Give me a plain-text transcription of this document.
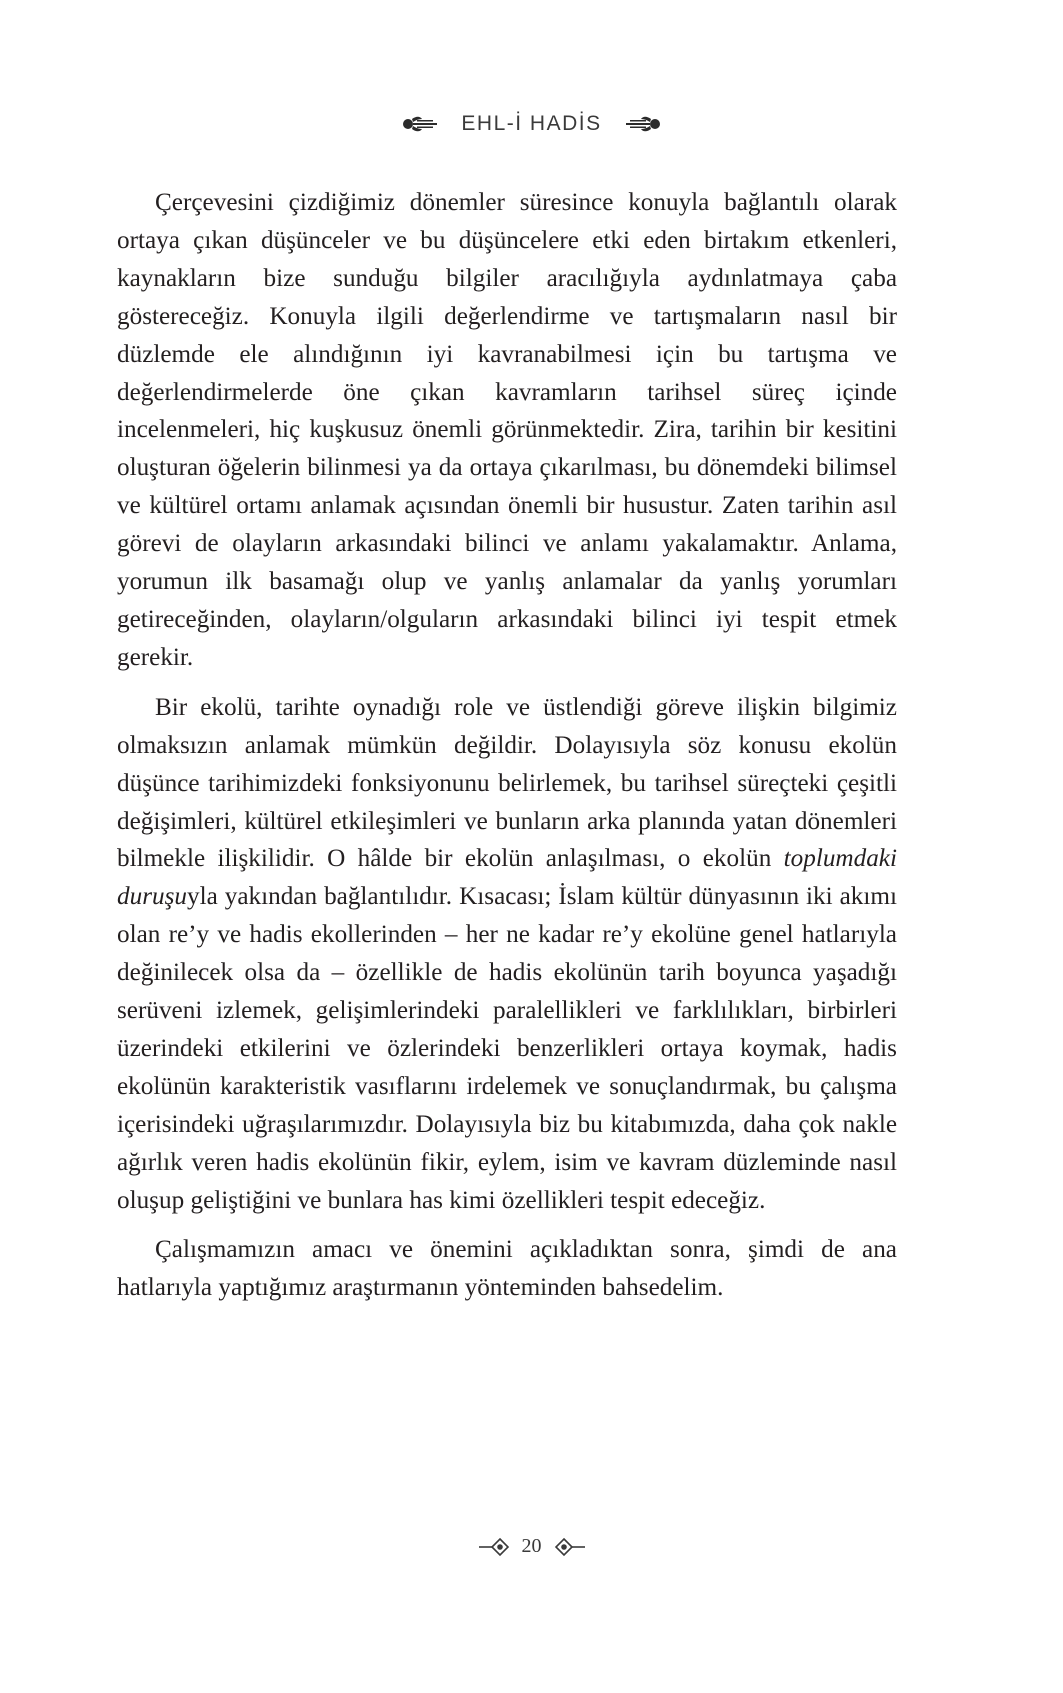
EHL-İ HADİS

Çerçevesini çizdiğimiz dönemler süresince konuyla bağlantılı olarak ortaya çıkan düşünceler ve bu düşüncelere etki eden birtakım etkenleri, kaynakların bize sunduğu bilgiler aracılığıyla aydınlatmaya çaba göstereceğiz. Konuyla ilgili değerlendirme ve tartışmaların nasıl bir düzlemde ele alındığının iyi kavranabilmesi için bu tartışma ve değerlendirmelerde öne çıkan kavramların tarihsel süreç içinde incelenmeleri, hiç kuşkusuz önemli görünmektedir. Zira, tarihin bir kesitini oluşturan öğelerin bilinmesi ya da ortaya çıkarılması, bu dönemdeki bilimsel ve kültürel ortamı anlamak açısından önemli bir husustur. Zaten tarihin asıl görevi de olayların arkasındaki bilinci ve anlamı yakalamaktır. Anlama, yorumun ilk basamağı olup ve yanlış anlamalar da yanlış yorumları getireceğinden, olayların/olguların arkasındaki bilinci iyi tespit etmek gerekir.

Bir ekolü, tarihte oynadığı role ve üstlendiği göreve ilişkin bilgimiz olmaksızın anlamak mümkün değildir. Dolayısıyla söz konusu ekolün düşünce tarihimizdeki fonksiyonunu belirlemek, bu tarihsel süreçteki çeşitli değişimleri, kültürel etkileşimleri ve bunların arka planında yatan dönemleri bilmekle ilişkilidir. O hâlde bir ekolün anlaşılması, o ekolün toplumdaki duruşuyla yakından bağlantılıdır. Kısacası; İslam kültür dünyasının iki akımı olan re’y ve hadis ekollerinden – her ne kadar re’y ekolüne genel hatlarıyla değinilecek olsa da – özellikle de hadis ekolünün tarih boyunca yaşadığı serüveni izlemek, gelişimlerindeki paralellikleri ve farklılıkları, birbirleri üzerindeki etkilerini ve özlerindeki benzerlikleri ortaya koymak, hadis ekolünün karakteristik vasıflarını irdelemek ve sonuçlandırmak, bu çalışma içerisindeki uğraşılarımızdır. Dolayısıyla biz bu kitabımızda, daha çok nakle ağırlık veren hadis ekolünün fikir, eylem, isim ve kavram düzleminde nasıl oluşup geliştiğini ve bunlara has kimi özellikleri tespit edeceğiz.

Çalışmamızın amacı ve önemini açıkladıktan sonra, şimdi de ana hatlarıyla yaptığımız araştırmanın yönteminden bahsedelim.

20
